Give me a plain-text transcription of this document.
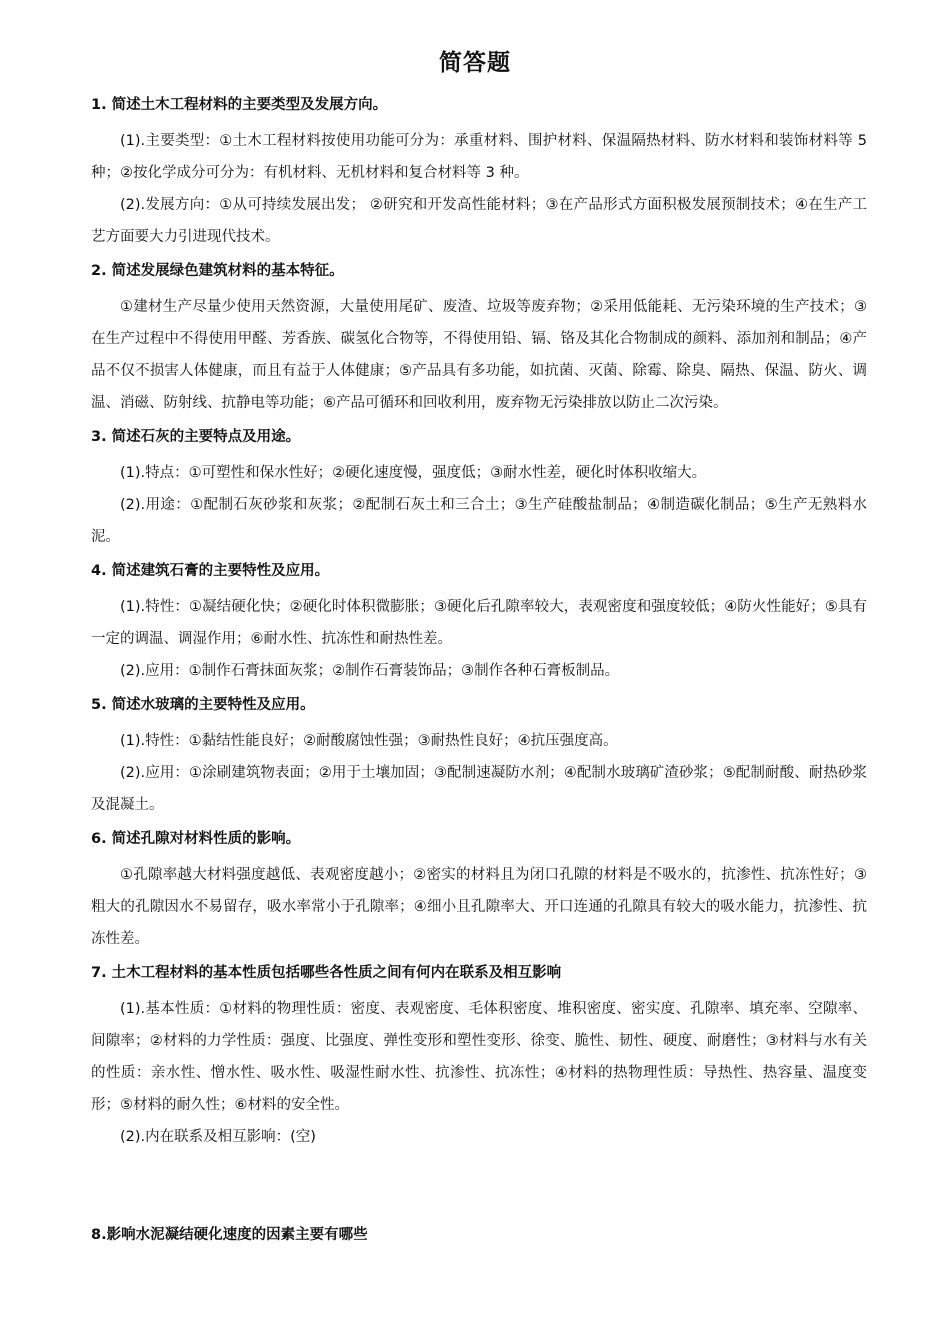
简答题
1. 简述土木工程材料的主要类型及发展方向。
(1).主要类型：①土木工程材料按使用功能可分为：承重材料、围护材料、保温隔热材料、防水材料和装饰材料等 5 种；②按化学成分可分为：有机材料、无机材料和复合材料等 3 种。
(2).发展方向：①从可持续发展出发； ②研究和开发高性能材料；③在产品形式方面积极发展预制技术；④在生产工艺方面要大力引进现代技术。
2. 简述发展绿色建筑材料的基本特征。
①建材生产尽量少使用天然资源，大量使用尾矿、废渣、垃圾等废弃物；②采用低能耗、无污染环境的生产技术；③在生产过程中不得使用甲醛、芳香族、碳氢化合物等，不得使用铅、镉、铬及其化合物制成的颜料、添加剂和制品；④产品不仅不损害人体健康，而且有益于人体健康；⑤产品具有多功能，如抗菌、灭菌、除霉、除臭、隔热、保温、防火、调温、消磁、防射线、抗静电等功能；⑥产品可循环和回收利用，废弃物无污染排放以防止二次污染。
3. 简述石灰的主要特点及用途。
(1).特点：①可塑性和保水性好；②硬化速度慢，强度低；③耐水性差，硬化时体积收缩大。
(2).用途：①配制石灰砂浆和灰浆；②配制石灰土和三合土；③生产硅酸盐制品；④制造碳化制品；⑤生产无熟料水泥。
4. 简述建筑石膏的主要特性及应用。
(1).特性：①凝结硬化快；②硬化时体积微膨胀；③硬化后孔隙率较大，表观密度和强度较低；④防火性能好；⑤具有一定的调温、调湿作用；⑥耐水性、抗冻性和耐热性差。
(2).应用：①制作石膏抹面灰浆；②制作石膏装饰品；③制作各种石膏板制品。
5. 简述水玻璃的主要特性及应用。
(1).特性：①黏结性能良好；②耐酸腐蚀性强；③耐热性良好；④抗压强度高。
(2).应用：①涂刷建筑物表面；②用于土壤加固；③配制速凝防水剂；④配制水玻璃矿渣砂浆；⑤配制耐酸、耐热砂浆及混凝土。
6. 简述孔隙对材料性质的影响。
①孔隙率越大材料强度越低、表观密度越小；②密实的材料且为闭口孔隙的材料是不吸水的，抗渗性、抗冻性好；③粗大的孔隙因水不易留存，吸水率常小于孔隙率；④细小且孔隙率大、开口连通的孔隙具有较大的吸水能力，抗渗性、抗冻性差。
7. 土木工程材料的基本性质包括哪些各性质之间有何内在联系及相互影响
(1).基本性质：①材料的物理性质：密度、表观密度、毛体积密度、堆积密度、密实度、孔隙率、填充率、空隙率、间隙率；②材料的力学性质：强度、比强度、弹性变形和塑性变形、徐变、脆性、韧性、硬度、耐磨性；③材料与水有关的性质：亲水性、憎水性、吸水性、吸湿性耐水性、抗渗性、抗冻性；④材料的热物理性质：导热性、热容量、温度变形；⑤材料的耐久性；⑥材料的安全性。
(2).内在联系及相互影响：(空)
8.影响水泥凝结硬化速度的因素主要有哪些
